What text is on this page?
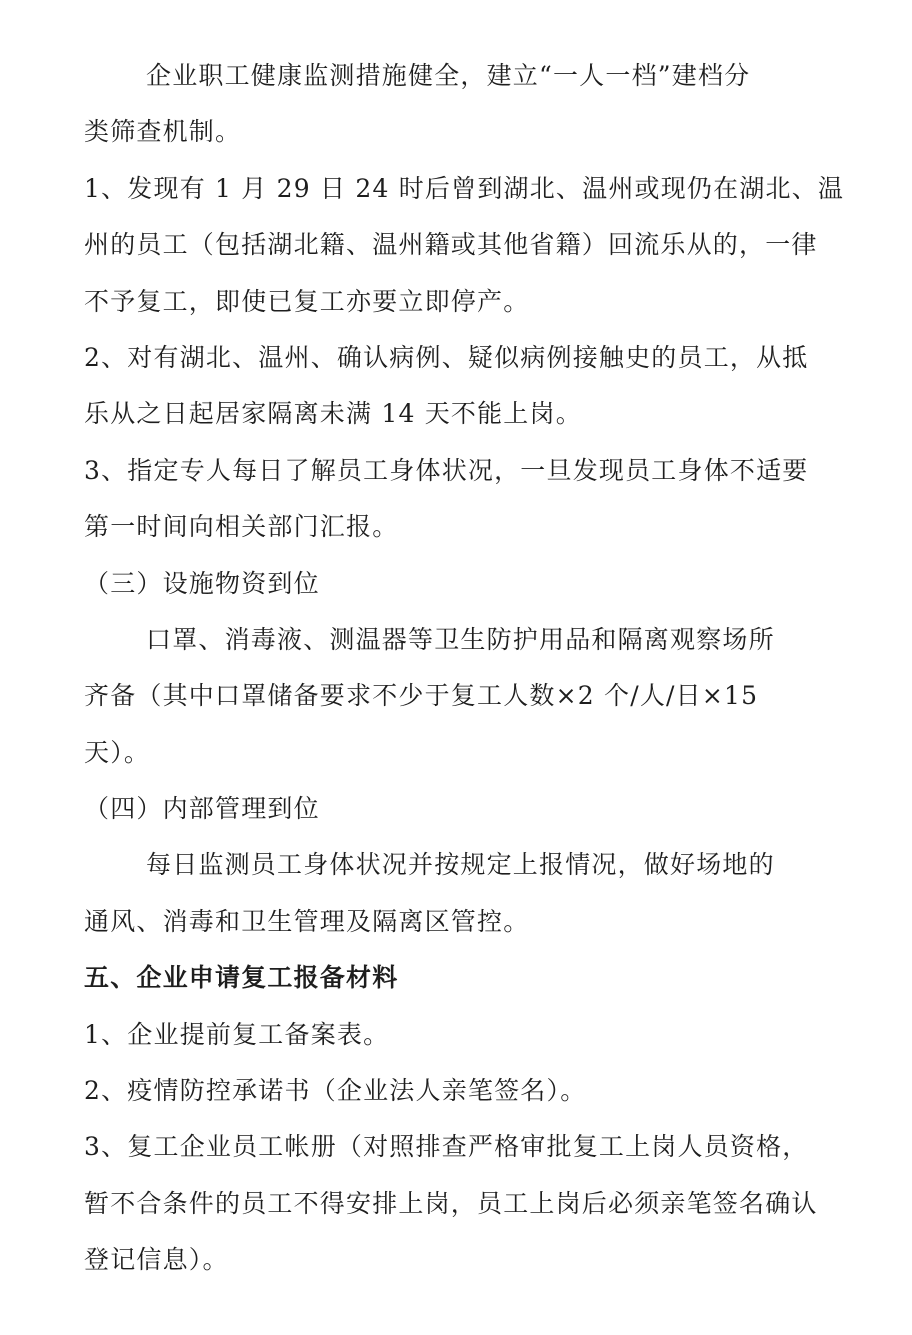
企业职工健康监测措施健全，建立“一人一档”建档分
类筛查机制。
1、发现有 1 月 29 日 24 时后曾到湖北、温州或现仍在湖北、温
州的员工（包括湖北籍、温州籍或其他省籍）回流乐从的，一律
不予复工，即使已复工亦要立即停产。
2、对有湖北、温州、确认病例、疑似病例接触史的员工，从抵
乐从之日起居家隔离未满 14 天不能上岗。
3、指定专人每日了解员工身体状况，一旦发现员工身体不适要
第一时间向相关部门汇报。
（三）设施物资到位
口罩、消毒液、测温器等卫生防护用品和隔离观察场所
齐备（其中口罩储备要求不少于复工人数×2 个/人/日×15
天）。
（四）内部管理到位
每日监测员工身体状况并按规定上报情况，做好场地的
通风、消毒和卫生管理及隔离区管控。
五、企业申请复工报备材料
1、企业提前复工备案表。
2、疫情防控承诺书（企业法人亲笔签名）。
3、复工企业员工帐册（对照排查严格审批复工上岗人员资格，
暂不合条件的员工不得安排上岗，员工上岗后必须亲笔签名确认
登记信息）。
